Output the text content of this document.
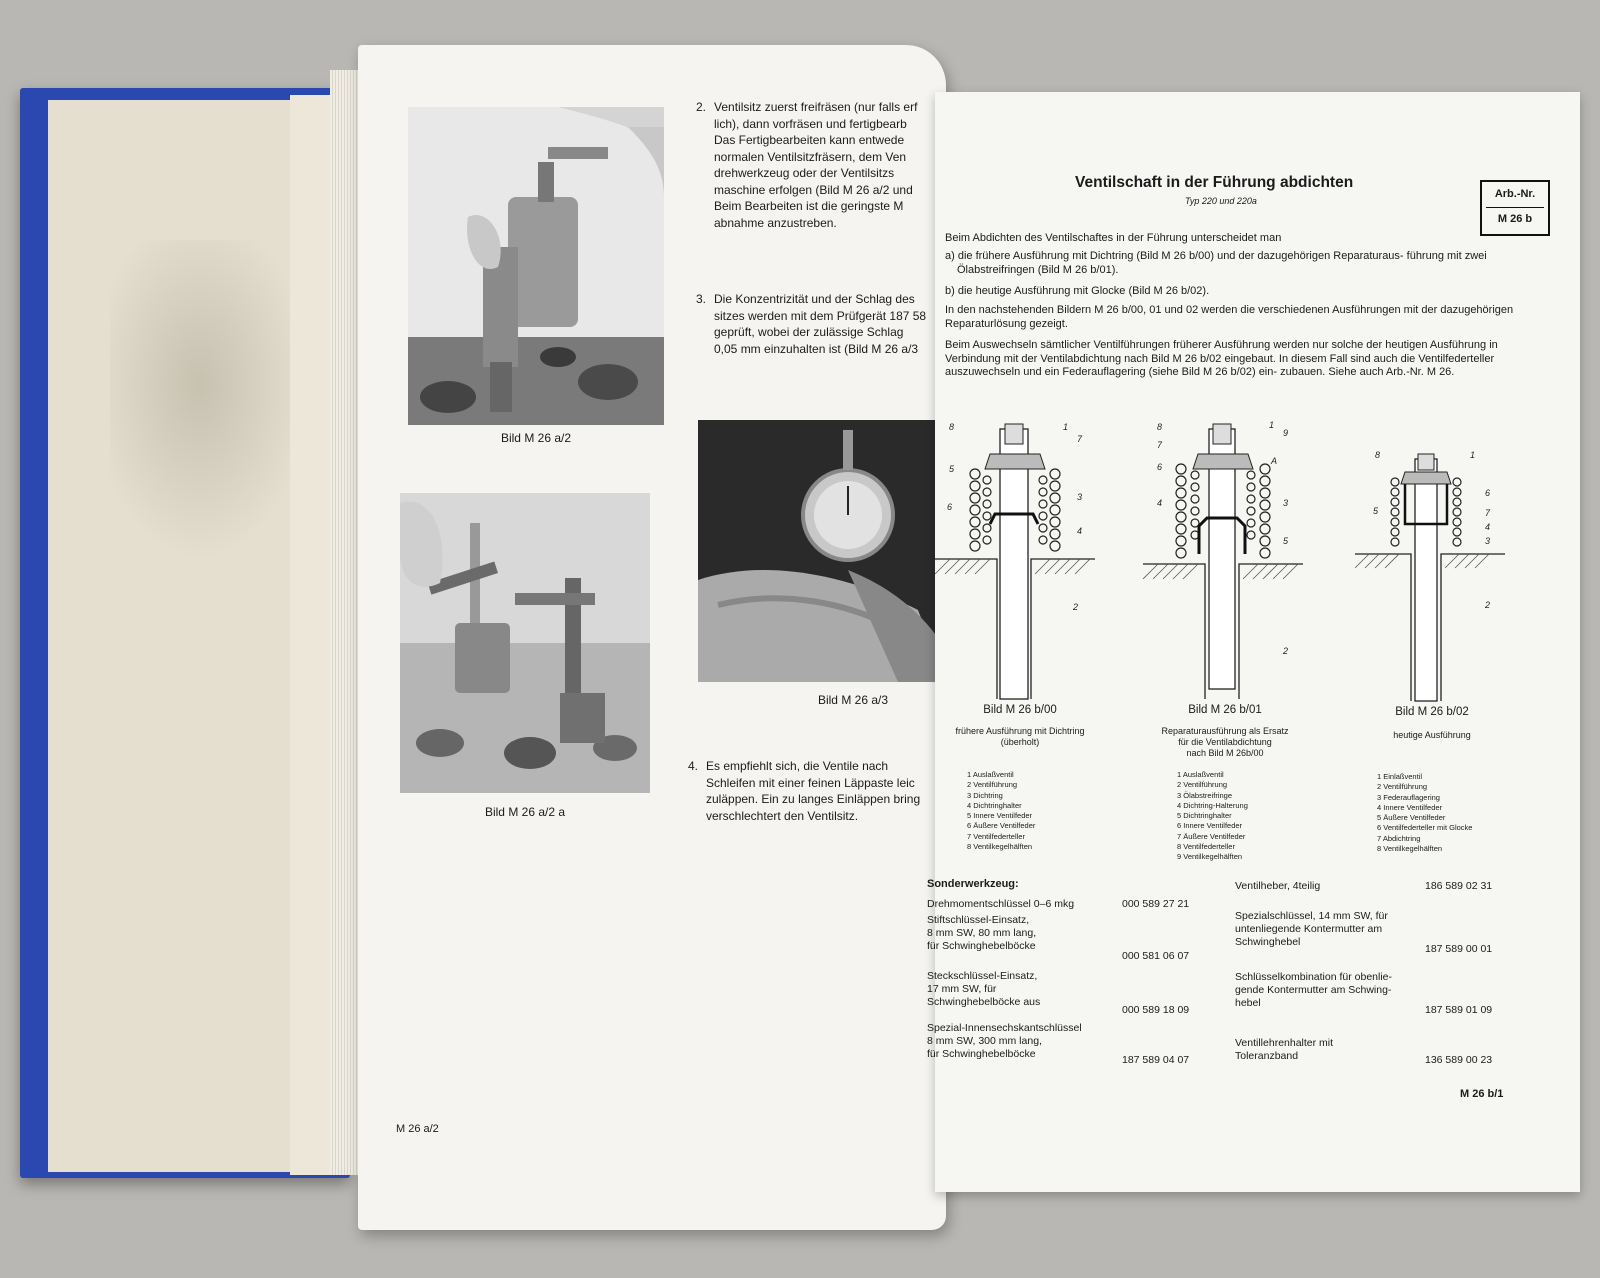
Bild M 26 a/2
Bild M 26 a/2 a
Bild M 26 a/3
2. Ventilsitz zuerst freifräsen (nur falls erf
lich), dann vorfräsen und fertigbearb
Das Fertigbearbeiten kann entwede
normalen Ventilsitzfräsern, dem Ven
drehwerkzeug oder der Ventilsitzs
maschine erfolgen (Bild M 26 a/2 und
Beim Bearbeiten ist die geringste M
abnahme anzustreben.
3. Die Konzentrizität und der Schlag des
sitzes werden mit dem Prüfgerät 187 58
geprüft, wobei der zulässige Schlag
0,05 mm einzuhalten ist (Bild M 26 a/3
4. Es empfiehlt sich, die Ventile nach
Schleifen mit einer feinen Läppaste leic
zuläppen. Ein zu langes Einläppen bring
verschlechtert den Ventilsitz.
M 26 a/2
Ventilschaft in der Führung abdichten
Typ 220 und 220a
Arb.-Nr.
M 26 b
Beim Abdichten des Ventilschaftes in der Führung unterscheidet man
a) die frühere Ausführung mit Dichtring (Bild M 26 b/00) und der dazugehörigen Reparaturaus- führung mit zwei Ölabstreifringen (Bild M 26 b/01).
b) die heutige Ausführung mit Glocke (Bild M 26 b/02).
In den nachstehenden Bildern M 26 b/00, 01 und 02 werden die verschiedenen Ausführungen mit der dazugehörigen Reparaturlösung gezeigt.
Beim Auswechseln sämtlicher Ventilführungen früherer Ausführung werden nur solche der heutigen Ausführung in Verbindung mit der Ventilabdichtung nach Bild M 26 b/02 eingebaut. In diesem Fall sind auch die Ventilfederteller auszuwechseln und ein Federauflagering (siehe Bild M 26 b/02) ein- zubauen. Siehe auch Arb.-Nr. M 26.
8	1
7
5
3
6
4
2
8	1
9
7
6
4	3
5
2
A
8	1
5
6
7
4
3
2
Bild M 26 b/00
frühere Ausführung mit Dichtring
(überholt)
Bild M 26 b/01
Reparaturausführung als Ersatz
für die Ventilabdichtung
nach Bild M 26b/00
Bild M 26 b/02
heutige Ausführung
1 Auslaßventil
2 Ventilführung
3 Dichtring
4 Dichtringhalter
5 Innere Ventilfeder
6 Äußere Ventilfeder
7 Ventilfederteller
8 Ventilkegelhälften
1 Auslaßventil
2 Ventilführung
3 Ölabstreifringe
4 Dichtring-Halterung
5 Dichtringhalter
6 Innere Ventilfeder
7 Äußere Ventilfeder
8 Ventilfederteller
9 Ventilkegelhälften
1 Einlaßventil
2 Ventilführung
3 Federauflagering
4 Innere Ventilfeder
5 Äußere Ventilfeder
6 Ventilfederteller mit Glocke
7 Abdichtring
8 Ventilkegelhälften
Sonderwerkzeug:
Drehmomentschlüssel 0–6 mkg	000 589 27 21
Stiftschlüssel-Einsatz,
8 mm SW, 80 mm lang,
für Schwinghebelböcke
000 581 06 07
Steckschlüssel-Einsatz,
17 mm SW, für
Schwinghebelböcke aus
000 589 18 09
Spezial-Innensechskantschlüssel
8 mm SW, 300 mm lang,
für Schwinghebelböcke	187 589 04 07
Ventilheber, 4teilig	186 589 02 31
Spezialschlüssel, 14 mm SW, für
untenliegende Kontermutter am
Schwinghebel
187 589 00 01
Schlüsselkombination für obenlie-
gende Kontermutter am Schwing-
hebel
187 589 01 09
Ventillehrenhalter mit
Toleranzband	136 589 00 23
M 26 b/1
